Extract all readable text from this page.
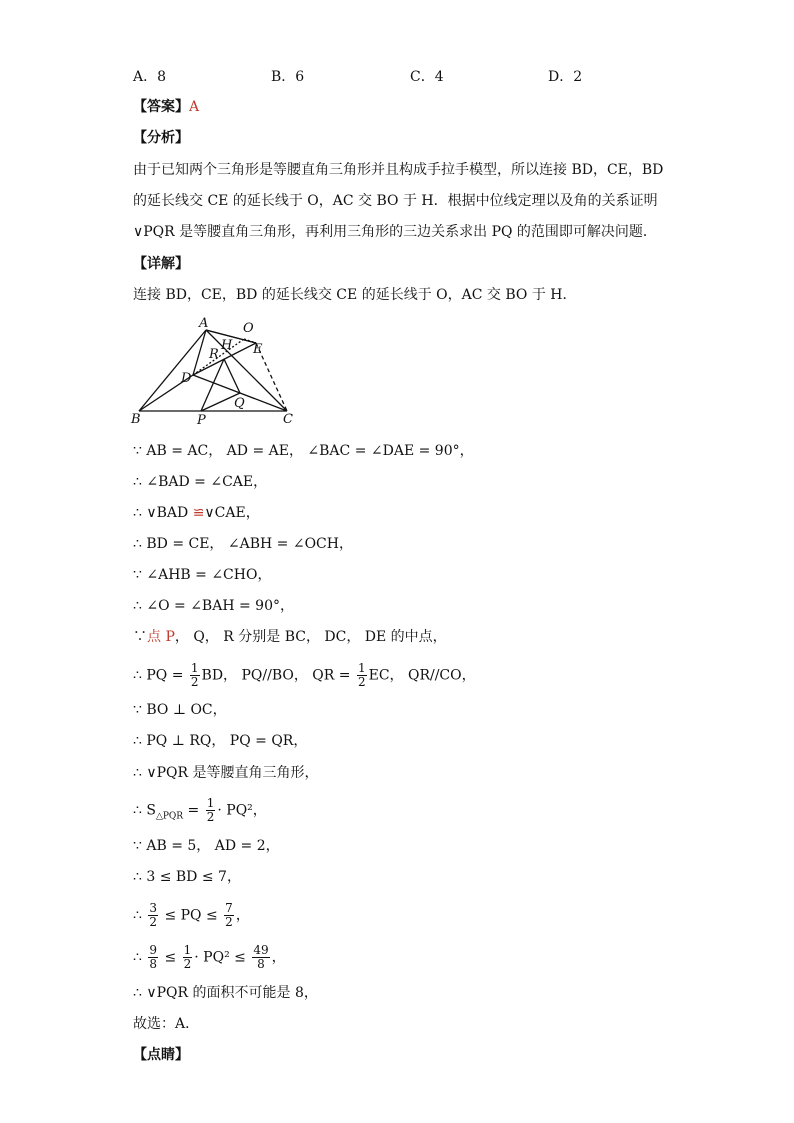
A．8	B．6	C．4	D．2
【答案】A
【分析】
由于已知两个三角形是等腰直角三角形并且构成手拉手模型，所以连接 BD，CE，BD
的延长线交 CE 的延长线于 O，AC 交 BO 于 H．根据中位线定理以及角的关系证明
∨PQR 是等腰直角三角形，再利用三角形的三边关系求出 PQ 的范围即可解决问题．
【详解】
连接 BD，CE，BD 的延长线交 CE 的延长线于 O，AC 交 BO 于 H．
A	O
H E
R
D
B	P
Q
C
∵ AB = AC， AD = AE， ∠BAC = ∠DAE = 90°，
∴ ∠BAD = ∠CAE，
∴ ∨BAD ≌∨CAE，
∴ BD = CE， ∠ABH = ∠OCH，
∵ ∠AHB = ∠CHO，
∴ ∠O = ∠BAH = 90°，
∵点 P， Q， R 分别是 BC， DC， DE 的中点，
∴ PQ = $\frac{1}{2}$ BD， PQ//BO， QR = $\frac{1}{2}$ EC， QR//CO，
∵ BO ⊥ OC，
∴ PQ ⊥ RQ， PQ = QR，
∴ ∨PQR 是等腰直角三角形，
∴ $S_{\triangle PQR} = \frac{1}{2} \cdot PQ^2$，
∵ AB = 5， AD = 2，
∴ 3 ≤ BD ≤ 7，
∴ $\frac{3}{2}$ ≤ PQ ≤ $\frac{7}{2}$ ，
∴ $\frac{9}{8} \le \frac{1}{2} \cdot PQ^2 \le \frac{49}{8}$ ，
∴ ∨PQR 的面积不可能是 8，
故选：A．
【点睛】
